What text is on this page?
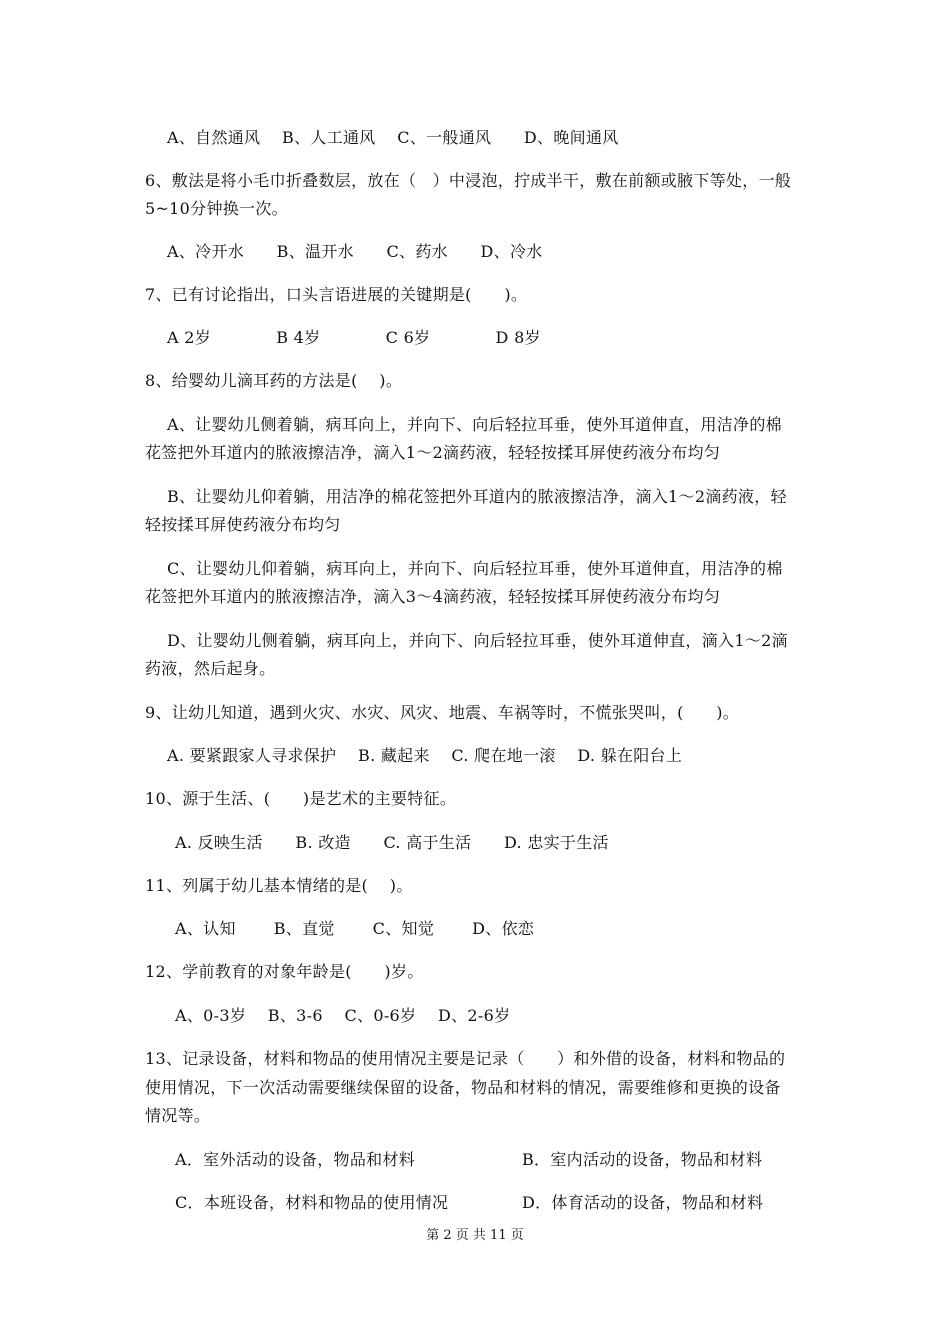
A、自然通风　 B、人工通风　 C、一般通风　　D、晚间通风
6、敷法是将小毛巾折叠数层，放在（　）中浸泡，拧成半干，敷在前额或腋下等处，一般
5~10分钟换一次。
A、冷开水　　B、温开水　　C、药水　　D、冷水
7、已有讨论指出，口头言语进展的关键期是(　　)。
A 2岁　　　　B 4岁　　　　C 6岁　　　　D 8岁
8、给婴幼儿滴耳药的方法是(　 )。
A、让婴幼儿侧着躺，病耳向上，并向下、向后轻拉耳垂，使外耳道伸直，用洁净的棉
花签把外耳道内的脓液擦洁净，滴入1～2滴药液，轻轻按揉耳屏使药液分布均匀
B、让婴幼儿仰着躺，用洁净的棉花签把外耳道内的脓液擦洁净，滴入1～2滴药液，轻
轻按揉耳屏使药液分布均匀
C、让婴幼儿仰着躺，病耳向上，并向下、向后轻拉耳垂，使外耳道伸直，用洁净的棉
花签把外耳道内的脓液擦洁净，滴入3～4滴药液，轻轻按揉耳屏使药液分布均匀
D、让婴幼儿侧着躺，病耳向上，并向下、向后轻拉耳垂，使外耳道伸直，滴入1～2滴
药液，然后起身。
9、让幼儿知道，遇到火灾、水灾、风灾、地震、车祸等时，不慌张哭叫，(　　)。
A. 要紧跟家人寻求保护　 B. 藏起来　 C. 爬在地一滚　 D. 躲在阳台上
10、源于生活、(　　)是艺术的主要特征。
A. 反映生活　　B. 改造　　C. 高于生活　　D. 忠实于生活
11、列属于幼儿基本情绪的是(　 )。
A、认知　　 B、直觉　　 C、知觉　　 D、依恋
12、学前教育的对象年龄是(　　)岁。
A、0-3岁　 B、3-6　 C、0-6岁　 D、2-6岁
13、记录设备，材料和物品的使用情况主要是记录（　　）和外借的设备，材料和物品的
使用情况，下一次活动需要继续保留的设备，物品和材料的情况，需要维修和更换的设备
情况等。
A．室外活动的设备，物品和材料	B．室内活动的设备，物品和材料
C．本班设备，材料和物品的使用情况	D．体育活动的设备，物品和材料
第 2 页 共 11 页
